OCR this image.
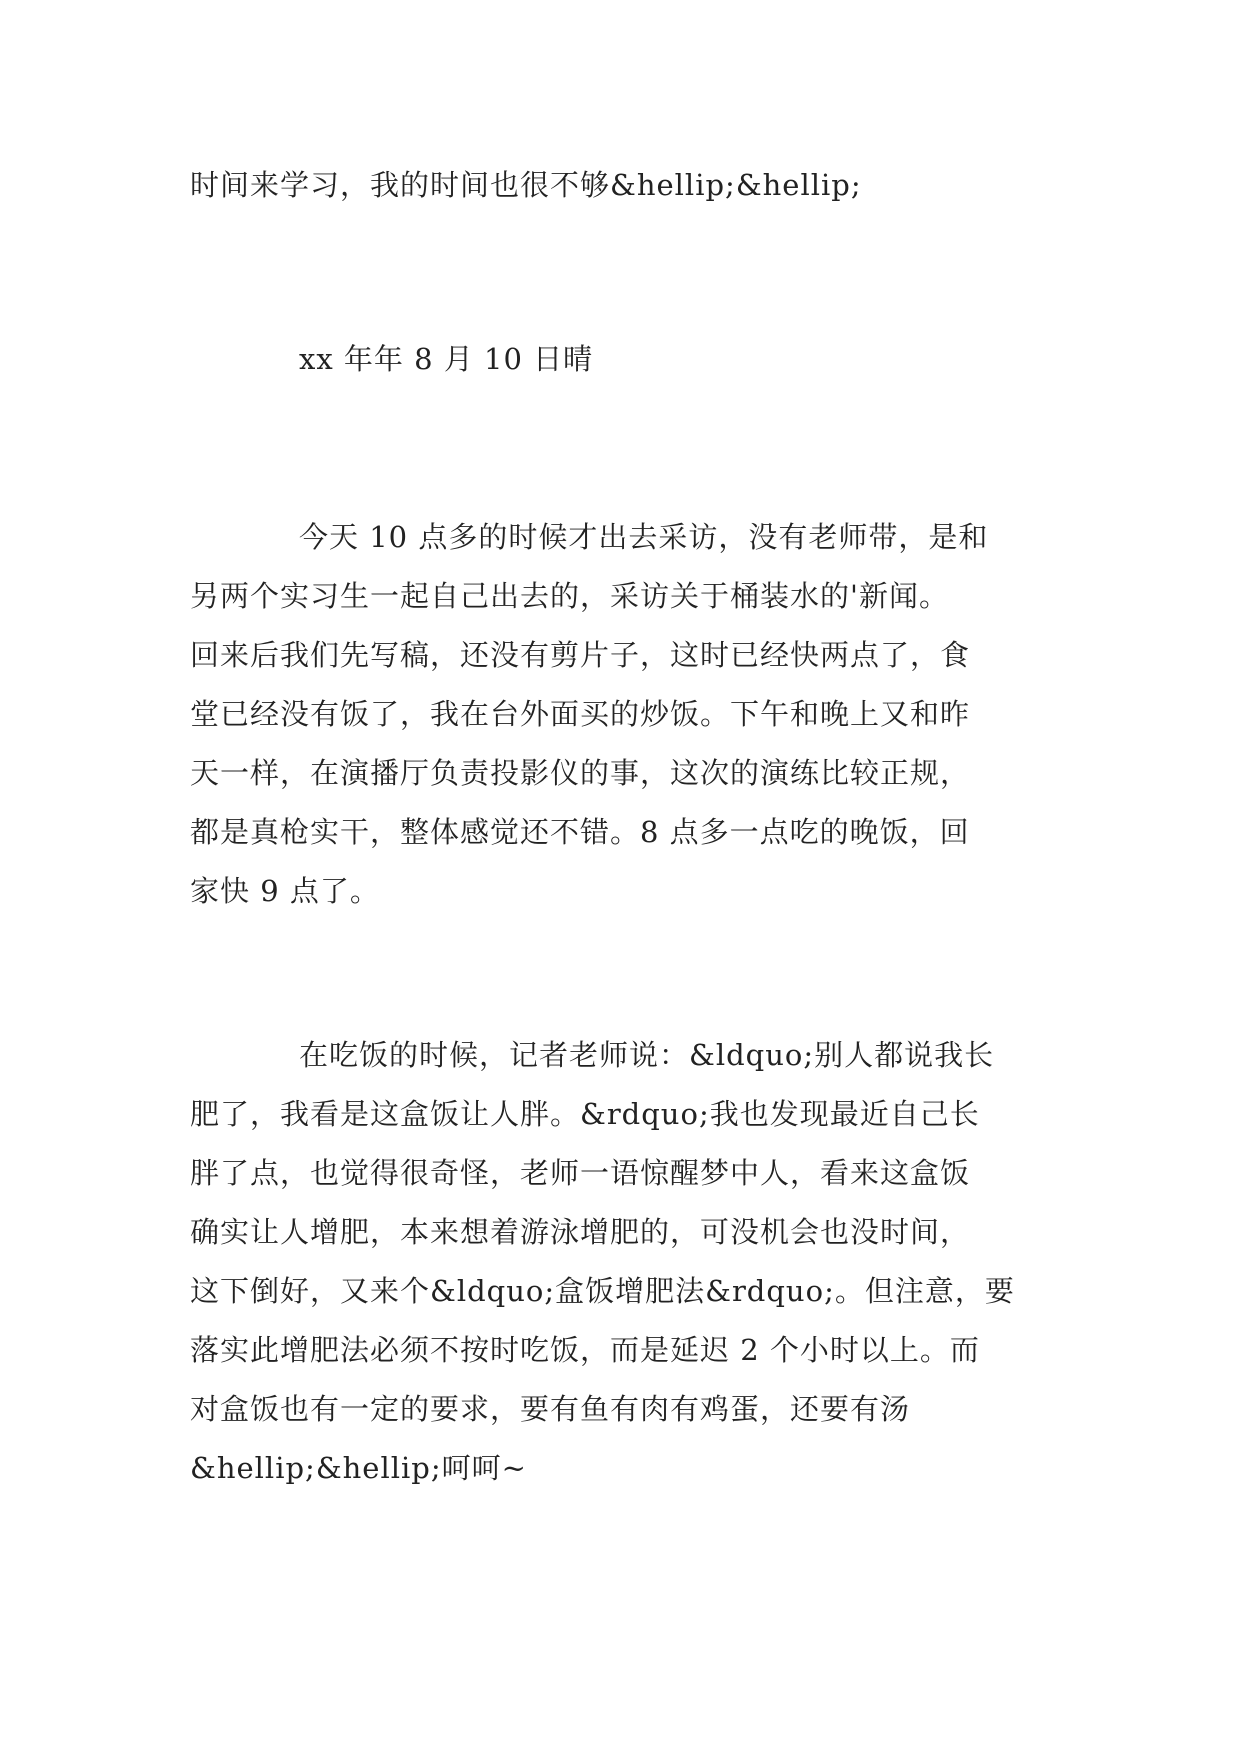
时间来学习，我的时间也很不够&hellip;&hellip;
xx 年年 8 月 10 日晴
今天 10 点多的时候才出去采访，没有老师带，是和
另两个实习生一起自己出去的，采访关于桶装水的'新闻。
回来后我们先写稿，还没有剪片子，这时已经快两点了，食
堂已经没有饭了，我在台外面买的炒饭。下午和晚上又和昨
天一样，在演播厅负责投影仪的事，这次的演练比较正规，
都是真枪实干，整体感觉还不错。8 点多一点吃的晚饭，回
家快 9 点了。
在吃饭的时候，记者老师说：&ldquo;别人都说我长
肥了，我看是这盒饭让人胖。&rdquo;我也发现最近自己长
胖了点，也觉得很奇怪，老师一语惊醒梦中人，看来这盒饭
确实让人增肥，本来想着游泳增肥的，可没机会也没时间，
这下倒好，又来个&ldquo;盒饭增肥法&rdquo;。但注意，要
落实此增肥法必须不按时吃饭，而是延迟 2 个小时以上。而
对盒饭也有一定的要求，要有鱼有肉有鸡蛋，还要有汤
&hellip;&hellip;呵呵~
